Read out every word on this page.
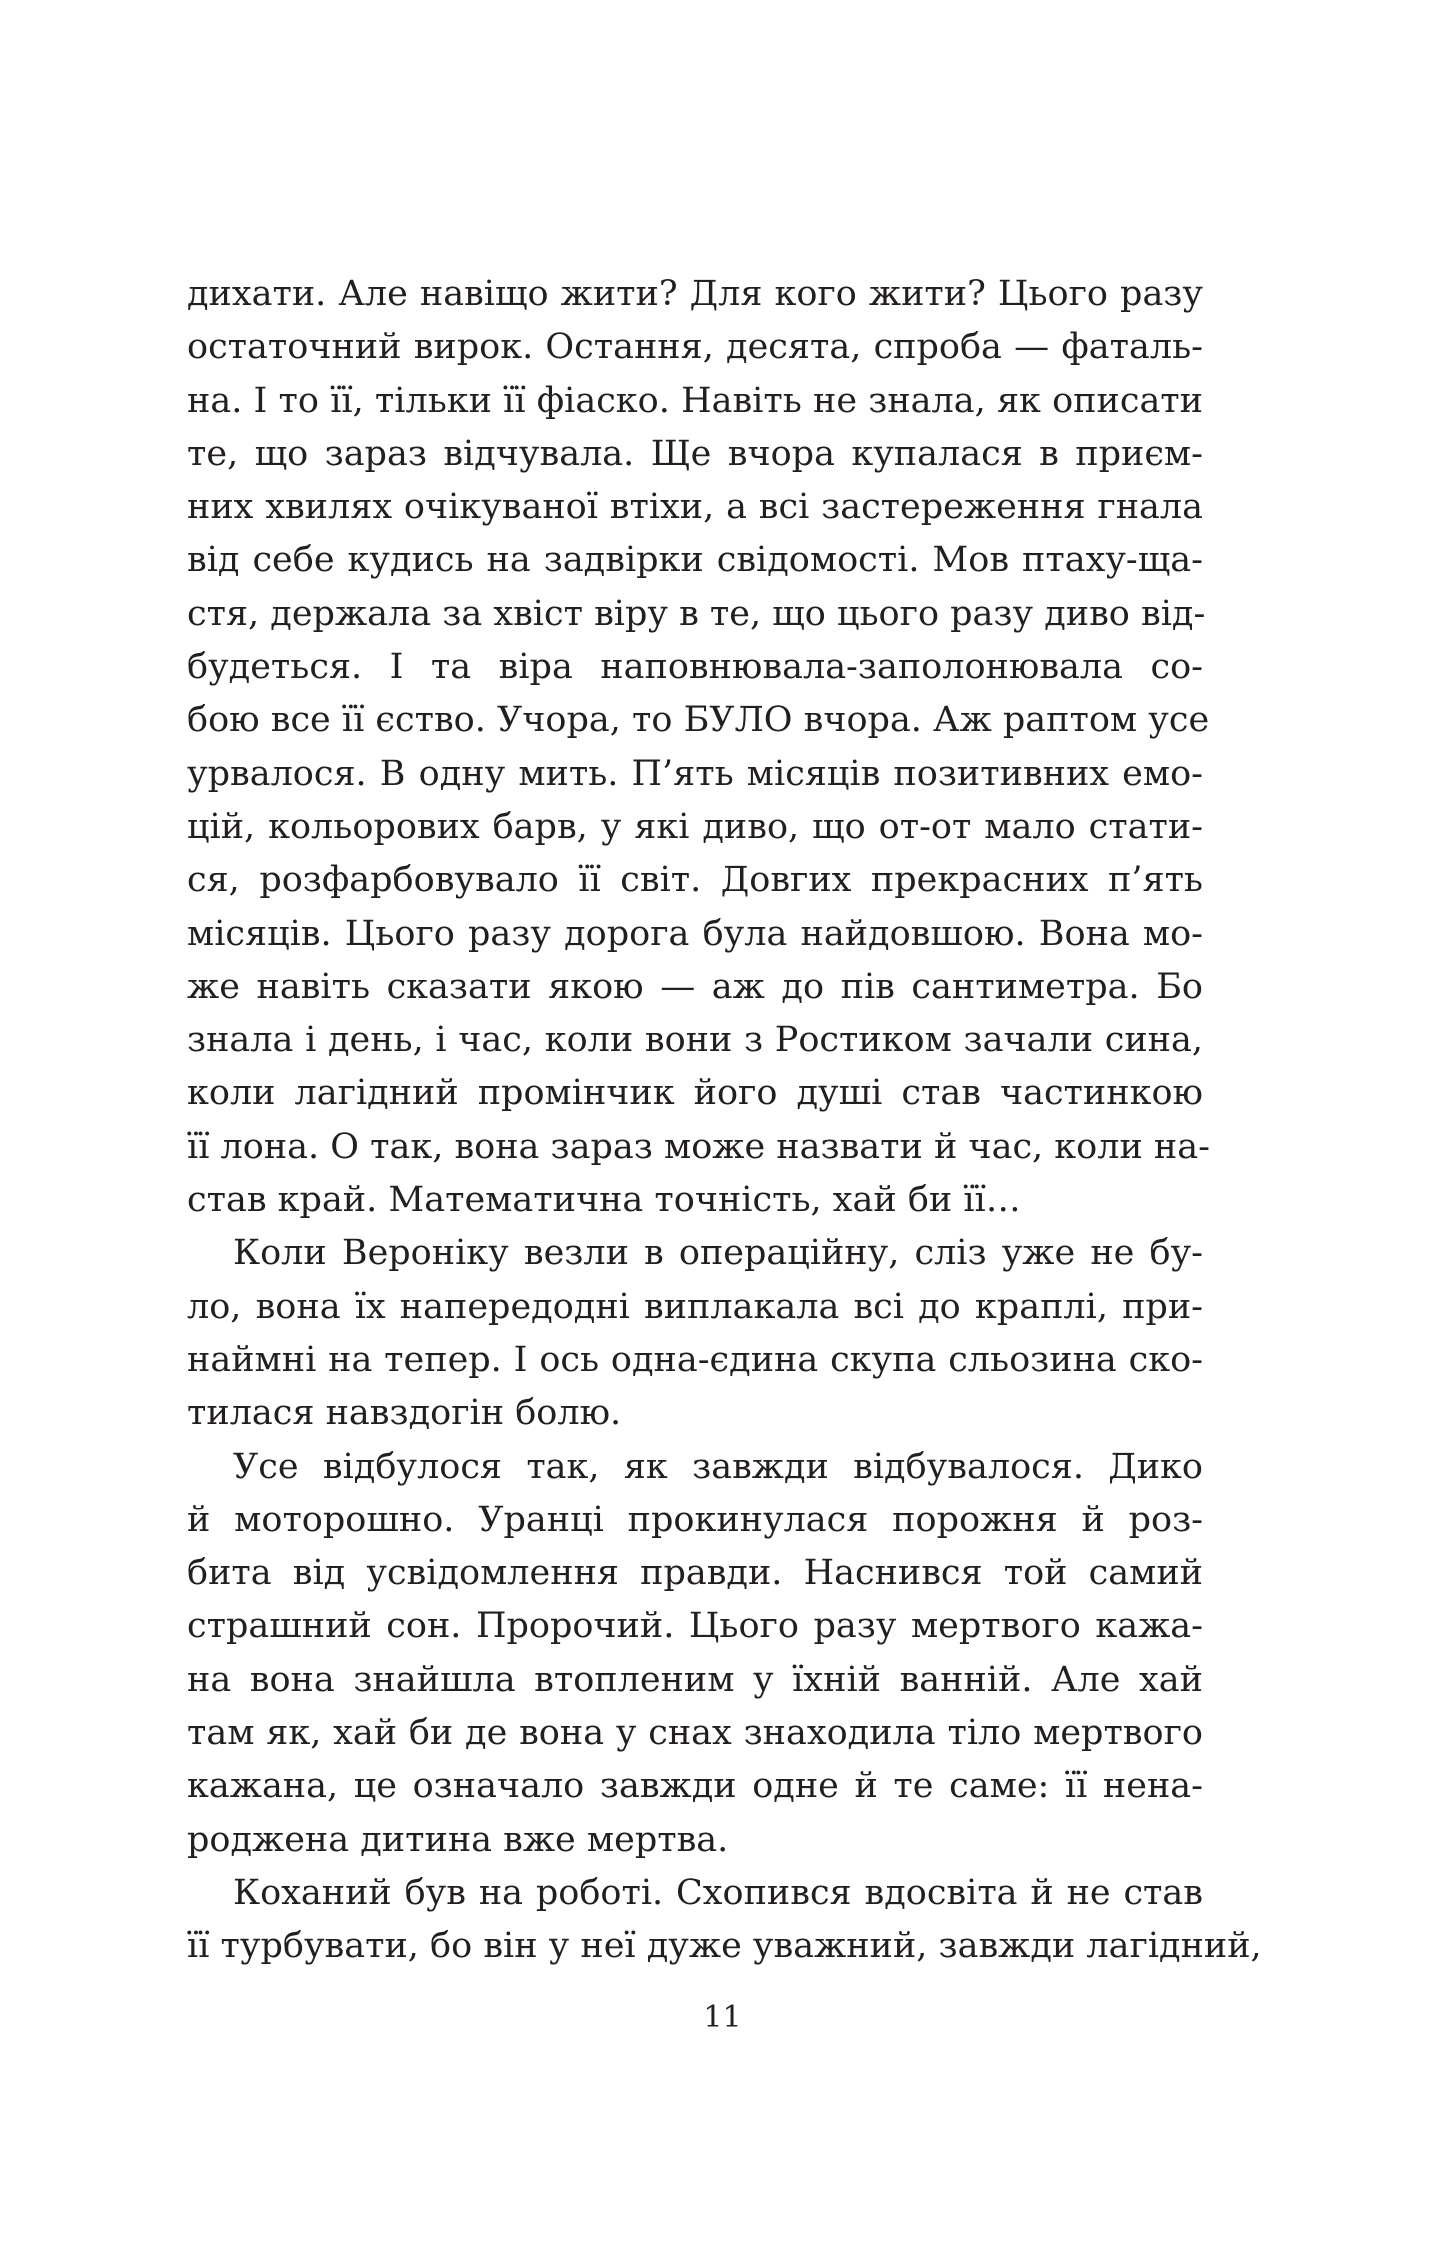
дихати. Але навіщо жити? Для кого жити? Цього разу
остаточний вирок. Остання, десята, спроба — фаталь-
на. І то її, тільки її фіаско. Навіть не знала, як описати
те, що зараз відчувала. Ще вчора купалася в приєм-
них хвилях очікуваної втіхи, а всі застереження гнала
від себе кудись на задвірки свідомості. Мов птаху-ща-
стя, держала за хвіст віру в те, що цього разу диво від-
будеться. І та віра наповнювала-заполонювала со-
бою все її єство. Учора, то БУЛО вчора. Аж раптом усе
урвалося. В одну мить. П’ять місяців позитивних емо-
цій, кольорових барв, у які диво, що от-от мало стати-
ся, розфарбовувало її світ. Довгих прекрасних п’ять
місяців. Цього разу дорога була найдовшою. Вона мо-
же навіть сказати якою — аж до пів сантиметра. Бо
знала і день, і час, коли вони з Ростиком зачали сина,
коли лагідний промінчик його душі став частинкою
її лона. О так, вона зараз може назвати й час, коли на-
став край. Математична точність, хай би її…
Коли Вероніку везли в операційну, сліз уже не бу-
ло, вона їх напередодні виплакала всі до краплі, при-
наймні на тепер. І ось одна-єдина скупа сльозина ско-
тилася навздогін болю.
Усе відбулося так, як завжди відбувалося. Дико
й моторошно. Уранці прокинулася порожня й роз-
бита від усвідомлення правди. Наснився той самий
страшний сон. Пророчий. Цього разу мертвого кажа-
на вона знайшла втопленим у їхній ванній. Але хай
там як, хай би де вона у снах знаходила тіло мертвого
кажана, це означало завжди одне й те саме: її нена-
роджена дитина вже мертва.
Коханий був на роботі. Схопився вдосвіта й не став
її турбувати, бо він у неї дуже уважний, завжди лагідний,
11
